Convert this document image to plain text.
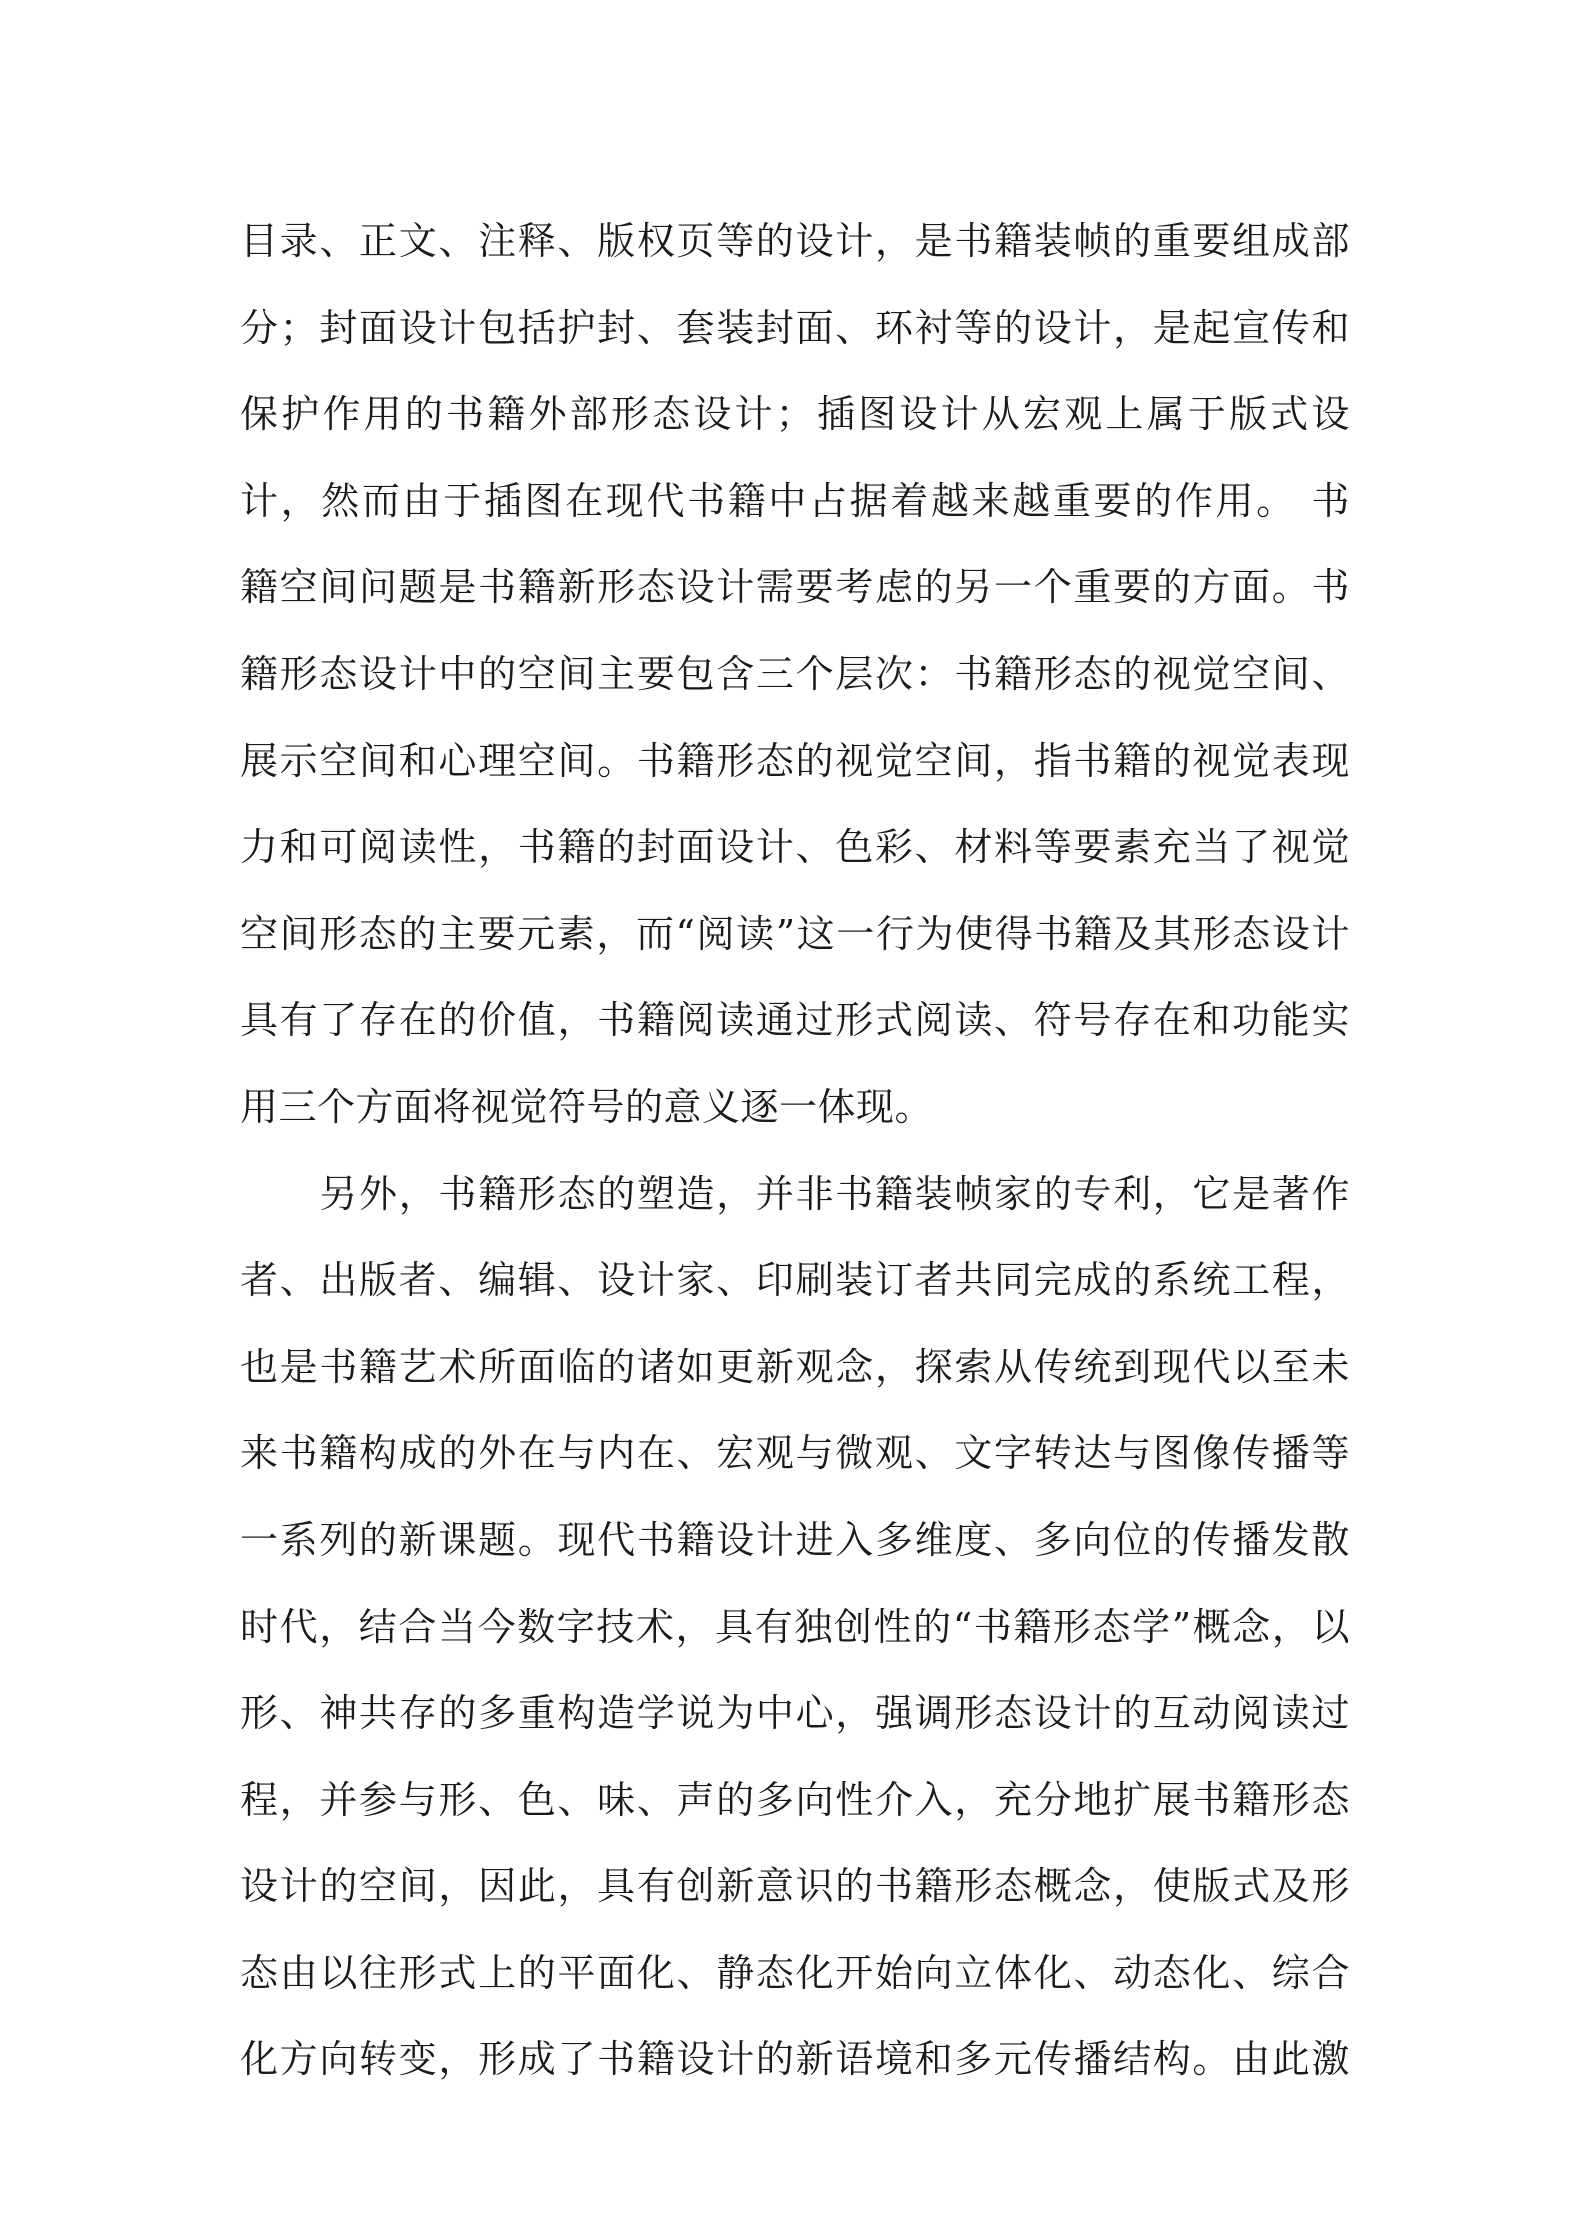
目录、正文、注释、版权页等的设计，是书籍装帧的重要组成部
分；封面设计包括护封、套装封面、环衬等的设计，是起宣传和
保护作用的书籍外部形态设计；插图设计从宏观上属于版式设
计，然而由于插图在现代书籍中占据着越来越重要的作用。 书
籍空间问题是书籍新形态设计需要考虑的另一个重要的方面。书
籍形态设计中的空间主要包含三个层次：书籍形态的视觉空间、
展示空间和心理空间。书籍形态的视觉空间，指书籍的视觉表现
力和可阅读性，书籍的封面设计、色彩、材料等要素充当了视觉
空间形态的主要元素，而“阅读”这一行为使得书籍及其形态设计
具有了存在的价值，书籍阅读通过形式阅读、符号存在和功能实
用三个方面将视觉符号的意义逐一体现。
　　另外，书籍形态的塑造，并非书籍装帧家的专利，它是著作
者、出版者、编辑、设计家、印刷装订者共同完成的系统工程，
也是书籍艺术所面临的诸如更新观念，探索从传统到现代以至未
来书籍构成的外在与内在、宏观与微观、文字转达与图像传播等
一系列的新课题。现代书籍设计进入多维度、多向位的传播发散
时代，结合当今数字技术，具有独创性的“书籍形态学”概念，以
形、神共存的多重构造学说为中心，强调形态设计的互动阅读过
程，并参与形、色、味、声的多向性介入，充分地扩展书籍形态
设计的空间，因此，具有创新意识的书籍形态概念，使版式及形
态由以往形式上的平面化、静态化开始向立体化、动态化、综合
化方向转变，形成了书籍设计的新语境和多元传播结构。由此激
